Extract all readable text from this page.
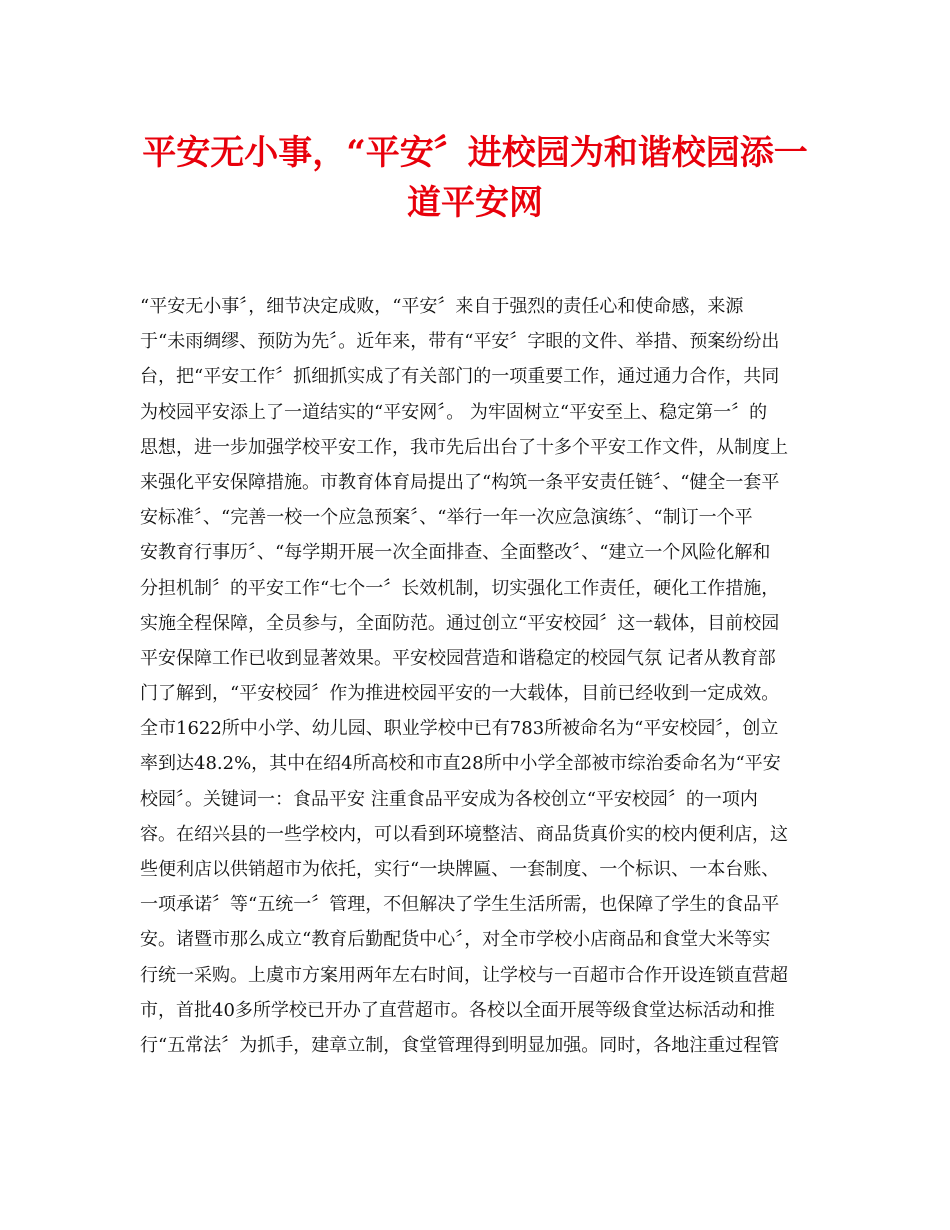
平安无小事，“平安〞进校园为和谐校园添一
道平安网
“平安无小事〞，细节决定成败，“平安〞来自于强烈的责任心和使命感，来源
于“未雨绸缪、预防为先〞。近年来，带有“平安〞字眼的文件、举措、预案纷纷出
台，把“平安工作〞抓细抓实成了有关部门的一项重要工作，通过通力合作，共同
为校园平安添上了一道结实的“平安网〞。 为牢固树立“平安至上、稳定第一〞的
思想，进一步加强学校平安工作，我市先后出台了十多个平安工作文件，从制度上
来强化平安保障措施。市教育体育局提出了“构筑一条平安责任链〞、“健全一套平
安标准〞、“完善一校一个应急预案〞、“举行一年一次应急演练〞、“制订一个平
安教育行事历〞、“每学期开展一次全面排查、全面整改〞、“建立一个风险化解和
分担机制〞的平安工作“七个一〞长效机制，切实强化工作责任，硬化工作措施，
实施全程保障，全员参与，全面防范。通过创立“平安校园〞这一载体，目前校园
平安保障工作已收到显著效果。平安校园营造和谐稳定的校园气氛 记者从教育部
门了解到，“平安校园〞作为推进校园平安的一大载体，目前已经收到一定成效。
全市1622所中小学、幼儿园、职业学校中已有783所被命名为“平安校园〞，创立
率到达48.2%，其中在绍4所高校和市直28所中小学全部被市综治委命名为“平安
校园〞。关键词一：食品平安 注重食品平安成为各校创立“平安校园〞的一项内
容。在绍兴县的一些学校内，可以看到环境整洁、商品货真价实的校内便利店，这
些便利店以供销超市为依托，实行“一块牌匾、一套制度、一个标识、一本台账、
一项承诺〞等“五统一〞管理，不但解决了学生生活所需，也保障了学生的食品平
安。诸暨市那么成立“教育后勤配货中心〞，对全市学校小店商品和食堂大米等实
行统一采购。上虞市方案用两年左右时间，让学校与一百超市合作开设连锁直营超
市，首批40多所学校已开办了直营超市。各校以全面开展等级食堂达标活动和推
行“五常法〞为抓手，建章立制，食堂管理得到明显加强。同时，各地注重过程管
